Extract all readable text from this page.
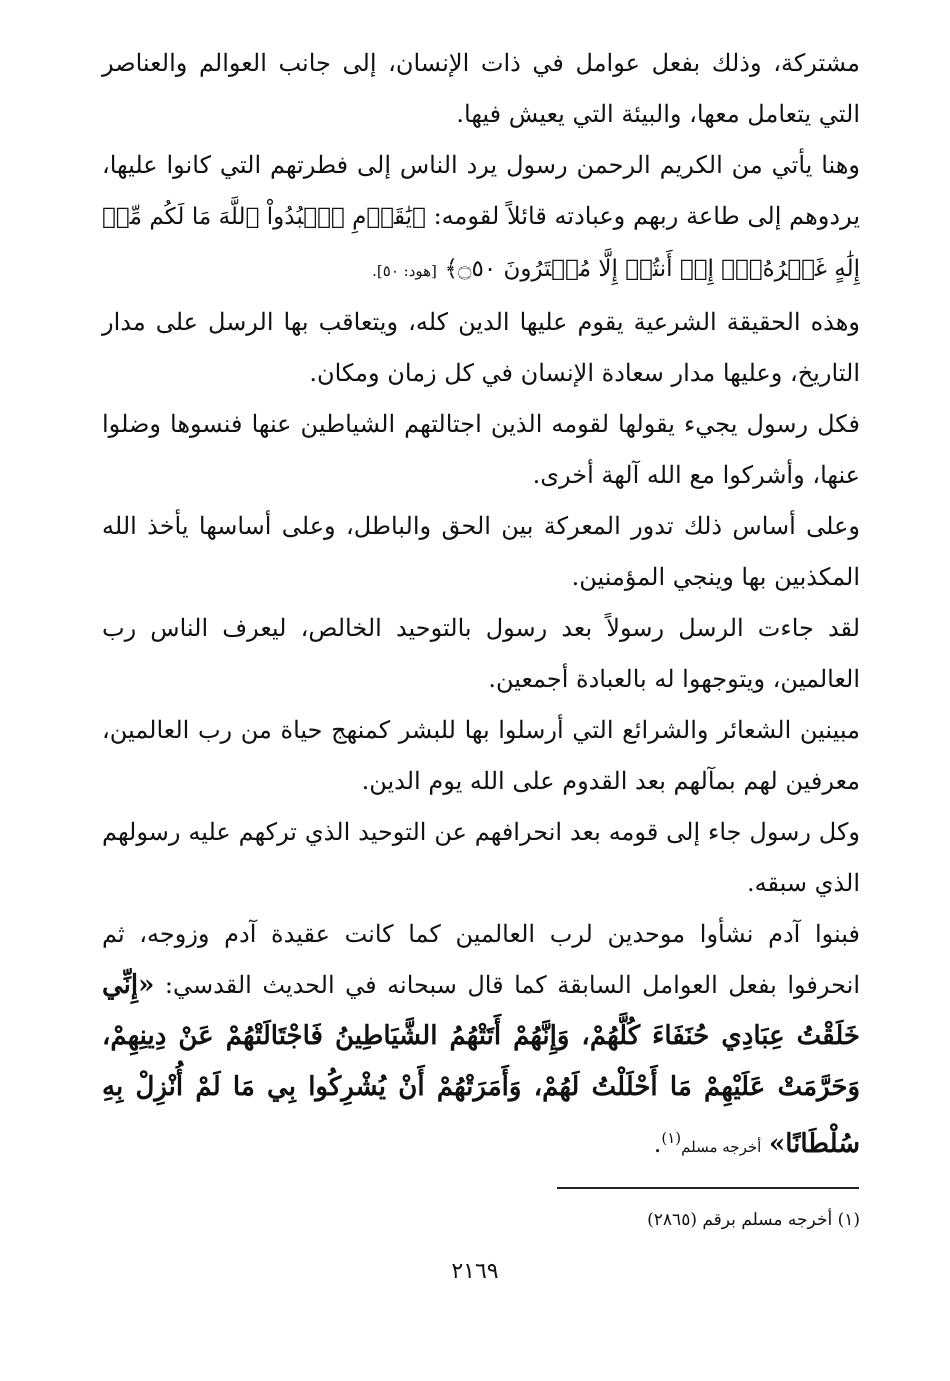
مشتركة، وذلك بفعل عوامل في ذات الإنسان، إلى جانب العوالم والعناصر التي يتعامل معها، والبيئة التي يعيش فيها.

وهنا يأتي من الكريم الرحمن رسول يرد الناس إلى فطرتهم التي كانوا عليها، يردوهم إلى طاعة ربهم وعبادته قائلاً لقومه: ﴿يَٰقَوۡمِ ٱعۡبُدُواْ ٱللَّهَ مَا لَكُم مِّنۡ إِلَٰهٍ غَيۡرُهُۥٓۖ إِنۡ أَنتُمۡ إِلَّا مُفۡتَرُونَ ۝٥٠﴾ [هود: ٥٠].

وهذه الحقيقة الشرعية يقوم عليها الدين كله، ويتعاقب بها الرسل على مدار التاريخ، وعليها مدار سعادة الإنسان في كل زمان ومكان.

فكل رسول يجيء يقولها لقومه الذين اجتالتهم الشياطين عنها فنسوها وضلوا عنها، وأشركوا مع الله آلهة أخرى.

وعلى أساس ذلك تدور المعركة بين الحق والباطل، وعلى أساسها يأخذ الله المكذبين بها وينجي المؤمنين.

لقد جاءت الرسل رسولاً بعد رسول بالتوحيد الخالص، ليعرف الناس رب العالمين، ويتوجهوا له بالعبادة أجمعين.

مبينين الشعائر والشرائع التي أرسلوا بها للبشر كمنهج حياة من رب العالمين، معرفين لهم بمآلهم بعد القدوم على الله يوم الدين.

وكل رسول جاء إلى قومه بعد انحرافهم عن التوحيد الذي تركهم عليه رسولهم الذي سبقه.

فبنوا آدم نشأوا موحدين لرب العالمين كما كانت عقيدة آدم وزوجه، ثم انحرفوا بفعل العوامل السابقة كما قال سبحانه في الحديث القدسي: «إِنِّي خَلَقْتُ عِبَادِي حُنَفَاءَ كُلَّهُمْ، وَإِنَّهُمْ أَتَتْهُمُ الشَّيَاطِينُ فَاجْتَالَتْهُمْ عَنْ دِينِهِمْ، وَحَرَّمَتْ عَلَيْهِمْ مَا أَحْلَلْتُ لَهُمْ، وَأَمَرَتْهُمْ أَنْ يُشْرِكُوا بِي مَا لَمْ أُنْزِلْ بِهِ سُلْطَانًا» أخرجه مسلم$^{(١)}$.

(١) أخرجه مسلم برقم (٢٨٦٥)
٢١٦٩
